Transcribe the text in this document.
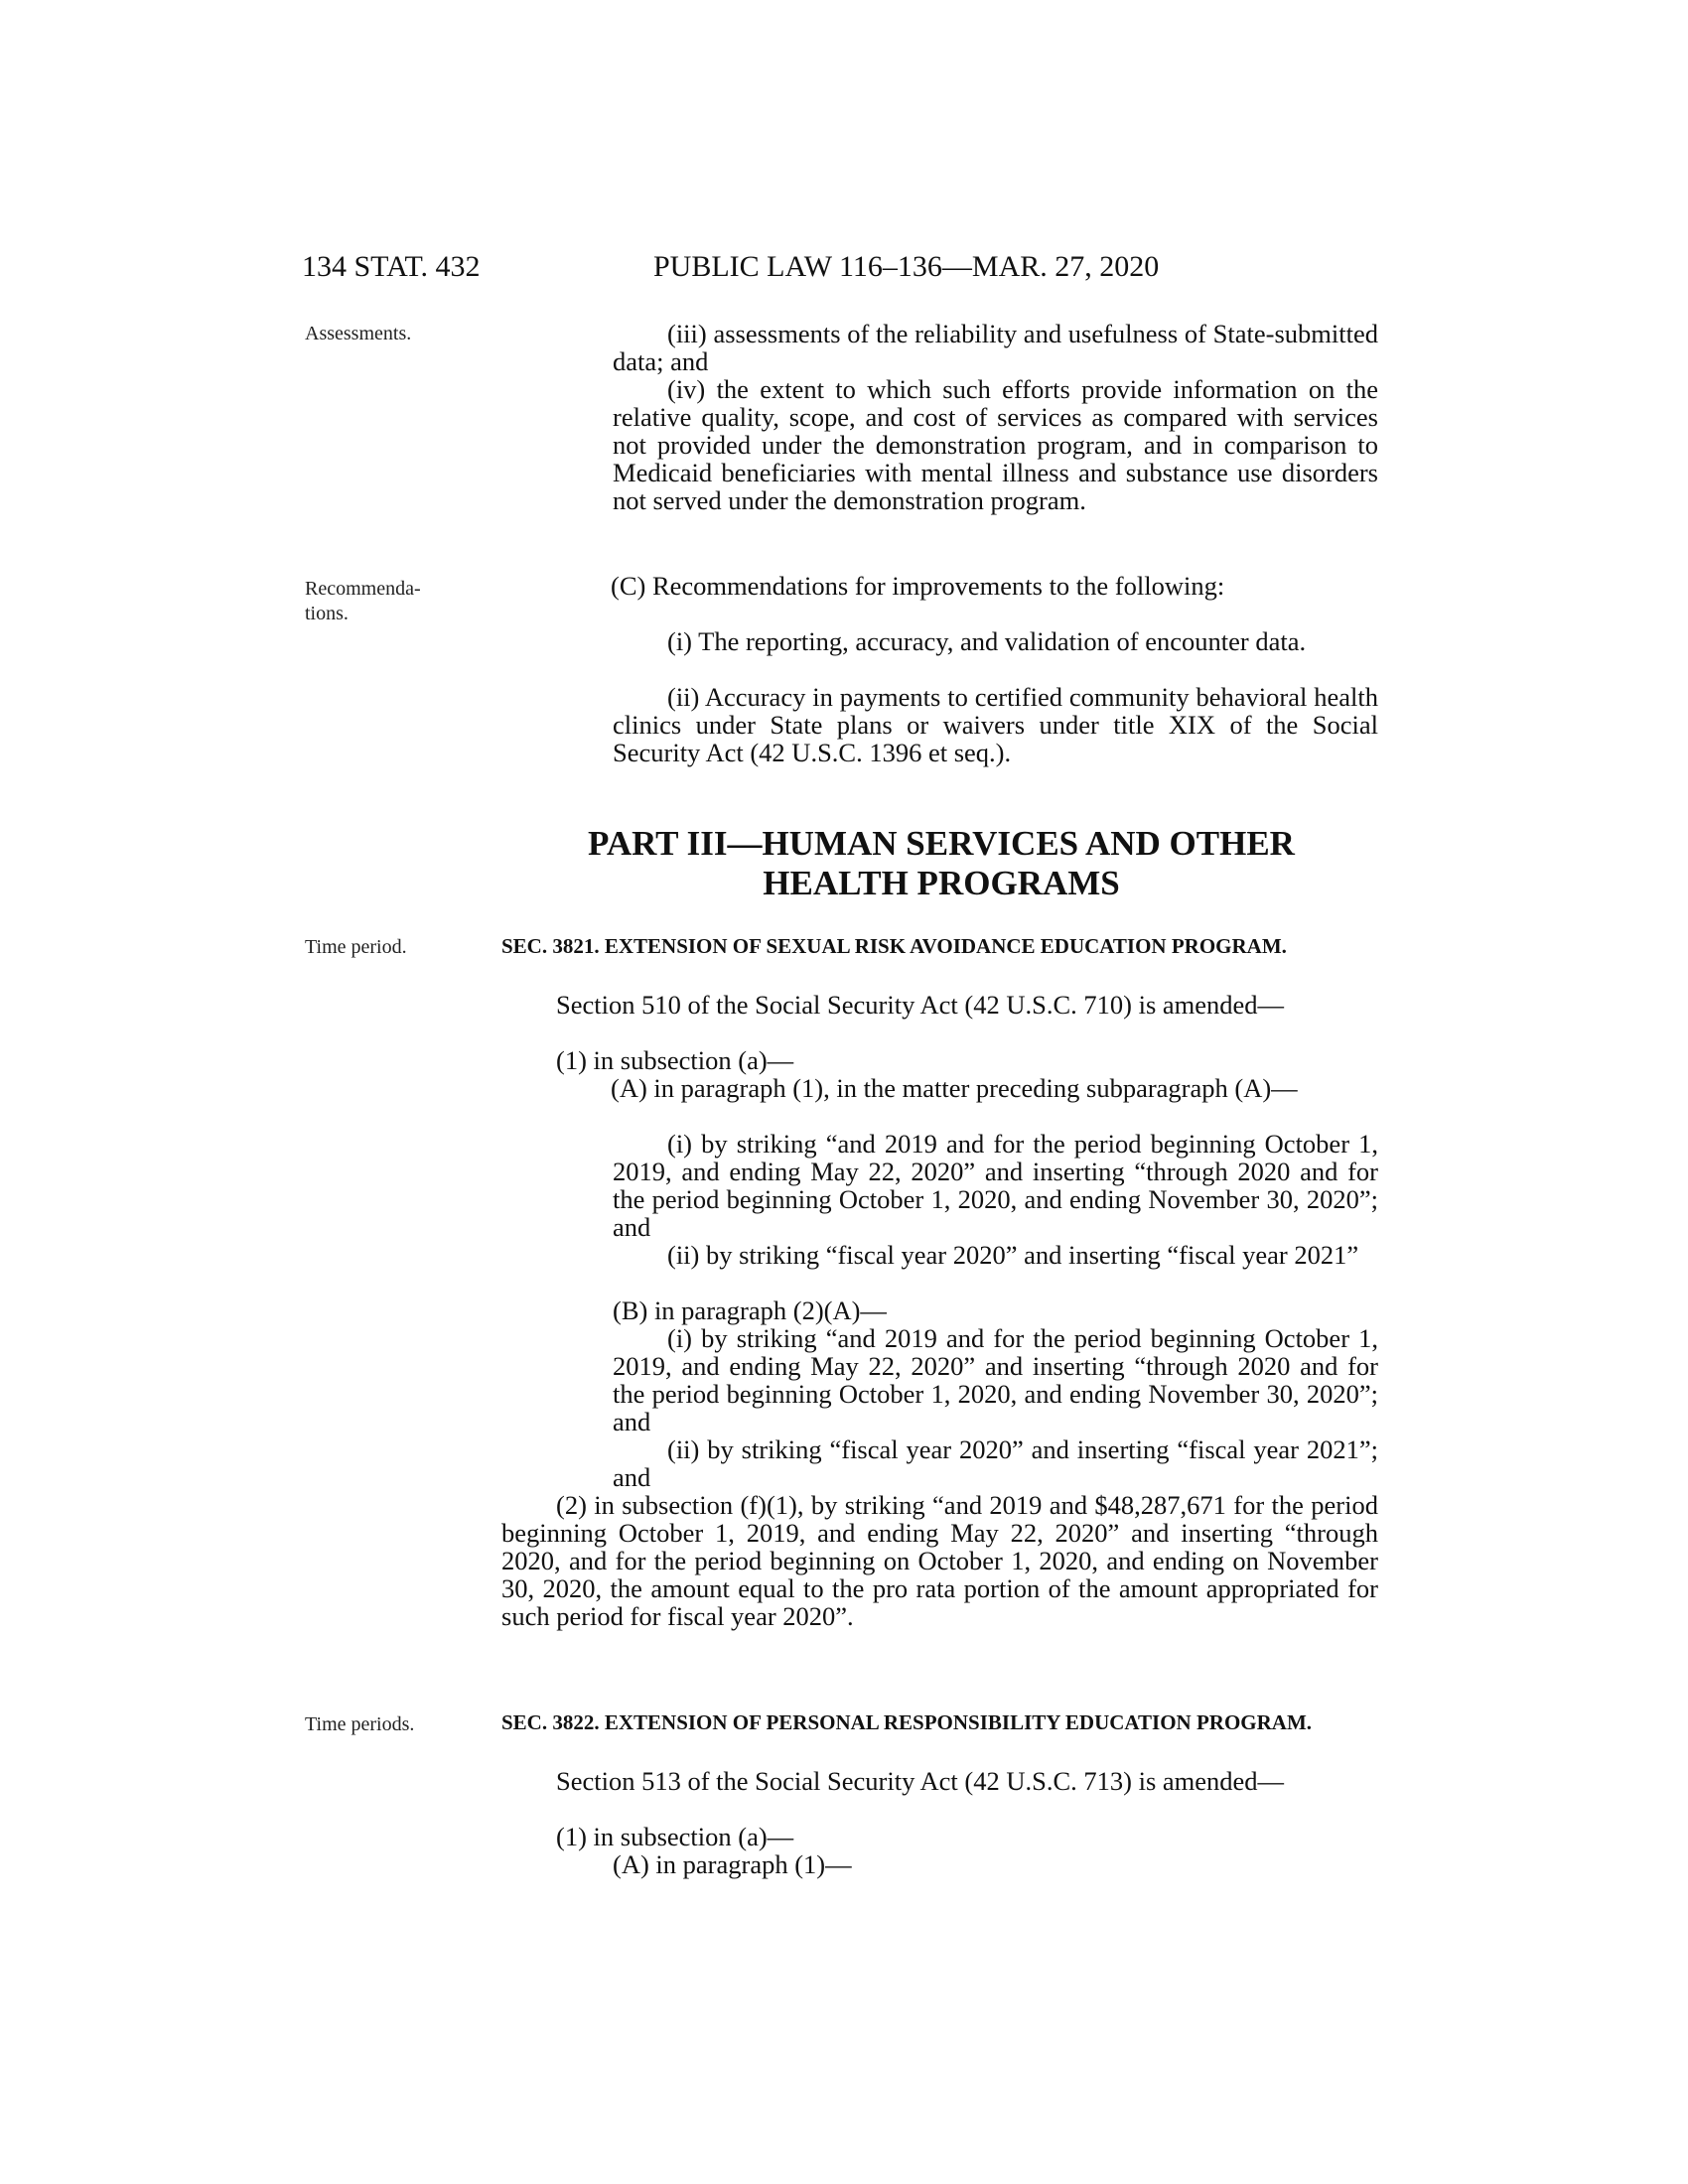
134 STAT. 432	PUBLIC LAW 116–136—MAR. 27, 2020
Assessments.
Recommenda-
tions.
Time period.
Time periods.

(iii) assessments of the reliability and usefulness of State-submitted data; and

(iv) the extent to which such efforts provide information on the relative quality, scope, and cost of services as compared with services not provided under the demonstration program, and in comparison to Medicaid beneficiaries with mental illness and substance use disorders not served under the demonstration program.

(C) Recommendations for improvements to the following:

(i) The reporting, accuracy, and validation of encounter data.

(ii) Accuracy in payments to certified community behavioral health clinics under State plans or waivers under title XIX of the Social Security Act (42 U.S.C. 1396 et seq.).

PART III—HUMAN SERVICES AND OTHER
HEALTH PROGRAMS
SEC. 3821. EXTENSION OF SEXUAL RISK AVOIDANCE EDUCATION PROGRAM.

Section 510 of the Social Security Act (42 U.S.C. 710) is amended—

(1) in subsection (a)—

(A) in paragraph (1), in the matter preceding subparagraph (A)—

(i) by striking “and 2019 and for the period beginning October 1, 2019, and ending May 22, 2020” and inserting “through 2020 and for the period beginning October 1, 2020, and ending November 30, 2020”; and

(ii) by striking “fiscal year 2020” and inserting “fiscal year 2021”

(B) in paragraph (2)(A)—

(i) by striking “and 2019 and for the period beginning October 1, 2019, and ending May 22, 2020” and inserting “through 2020 and for the period beginning October 1, 2020, and ending November 30, 2020”; and

(ii) by striking “fiscal year 2020” and inserting “fiscal year 2021”; and

(2) in subsection (f)(1), by striking “and 2019 and $48,287,671 for the period beginning October 1, 2019, and ending May 22, 2020” and inserting “through 2020, and for the period beginning on October 1, 2020, and ending on November 30, 2020, the amount equal to the pro rata portion of the amount appropriated for such period for fiscal year 2020”.

SEC. 3822. EXTENSION OF PERSONAL RESPONSIBILITY EDUCATION PROGRAM.

Section 513 of the Social Security Act (42 U.S.C. 713) is amended—

(1) in subsection (a)—

(A) in paragraph (1)—
